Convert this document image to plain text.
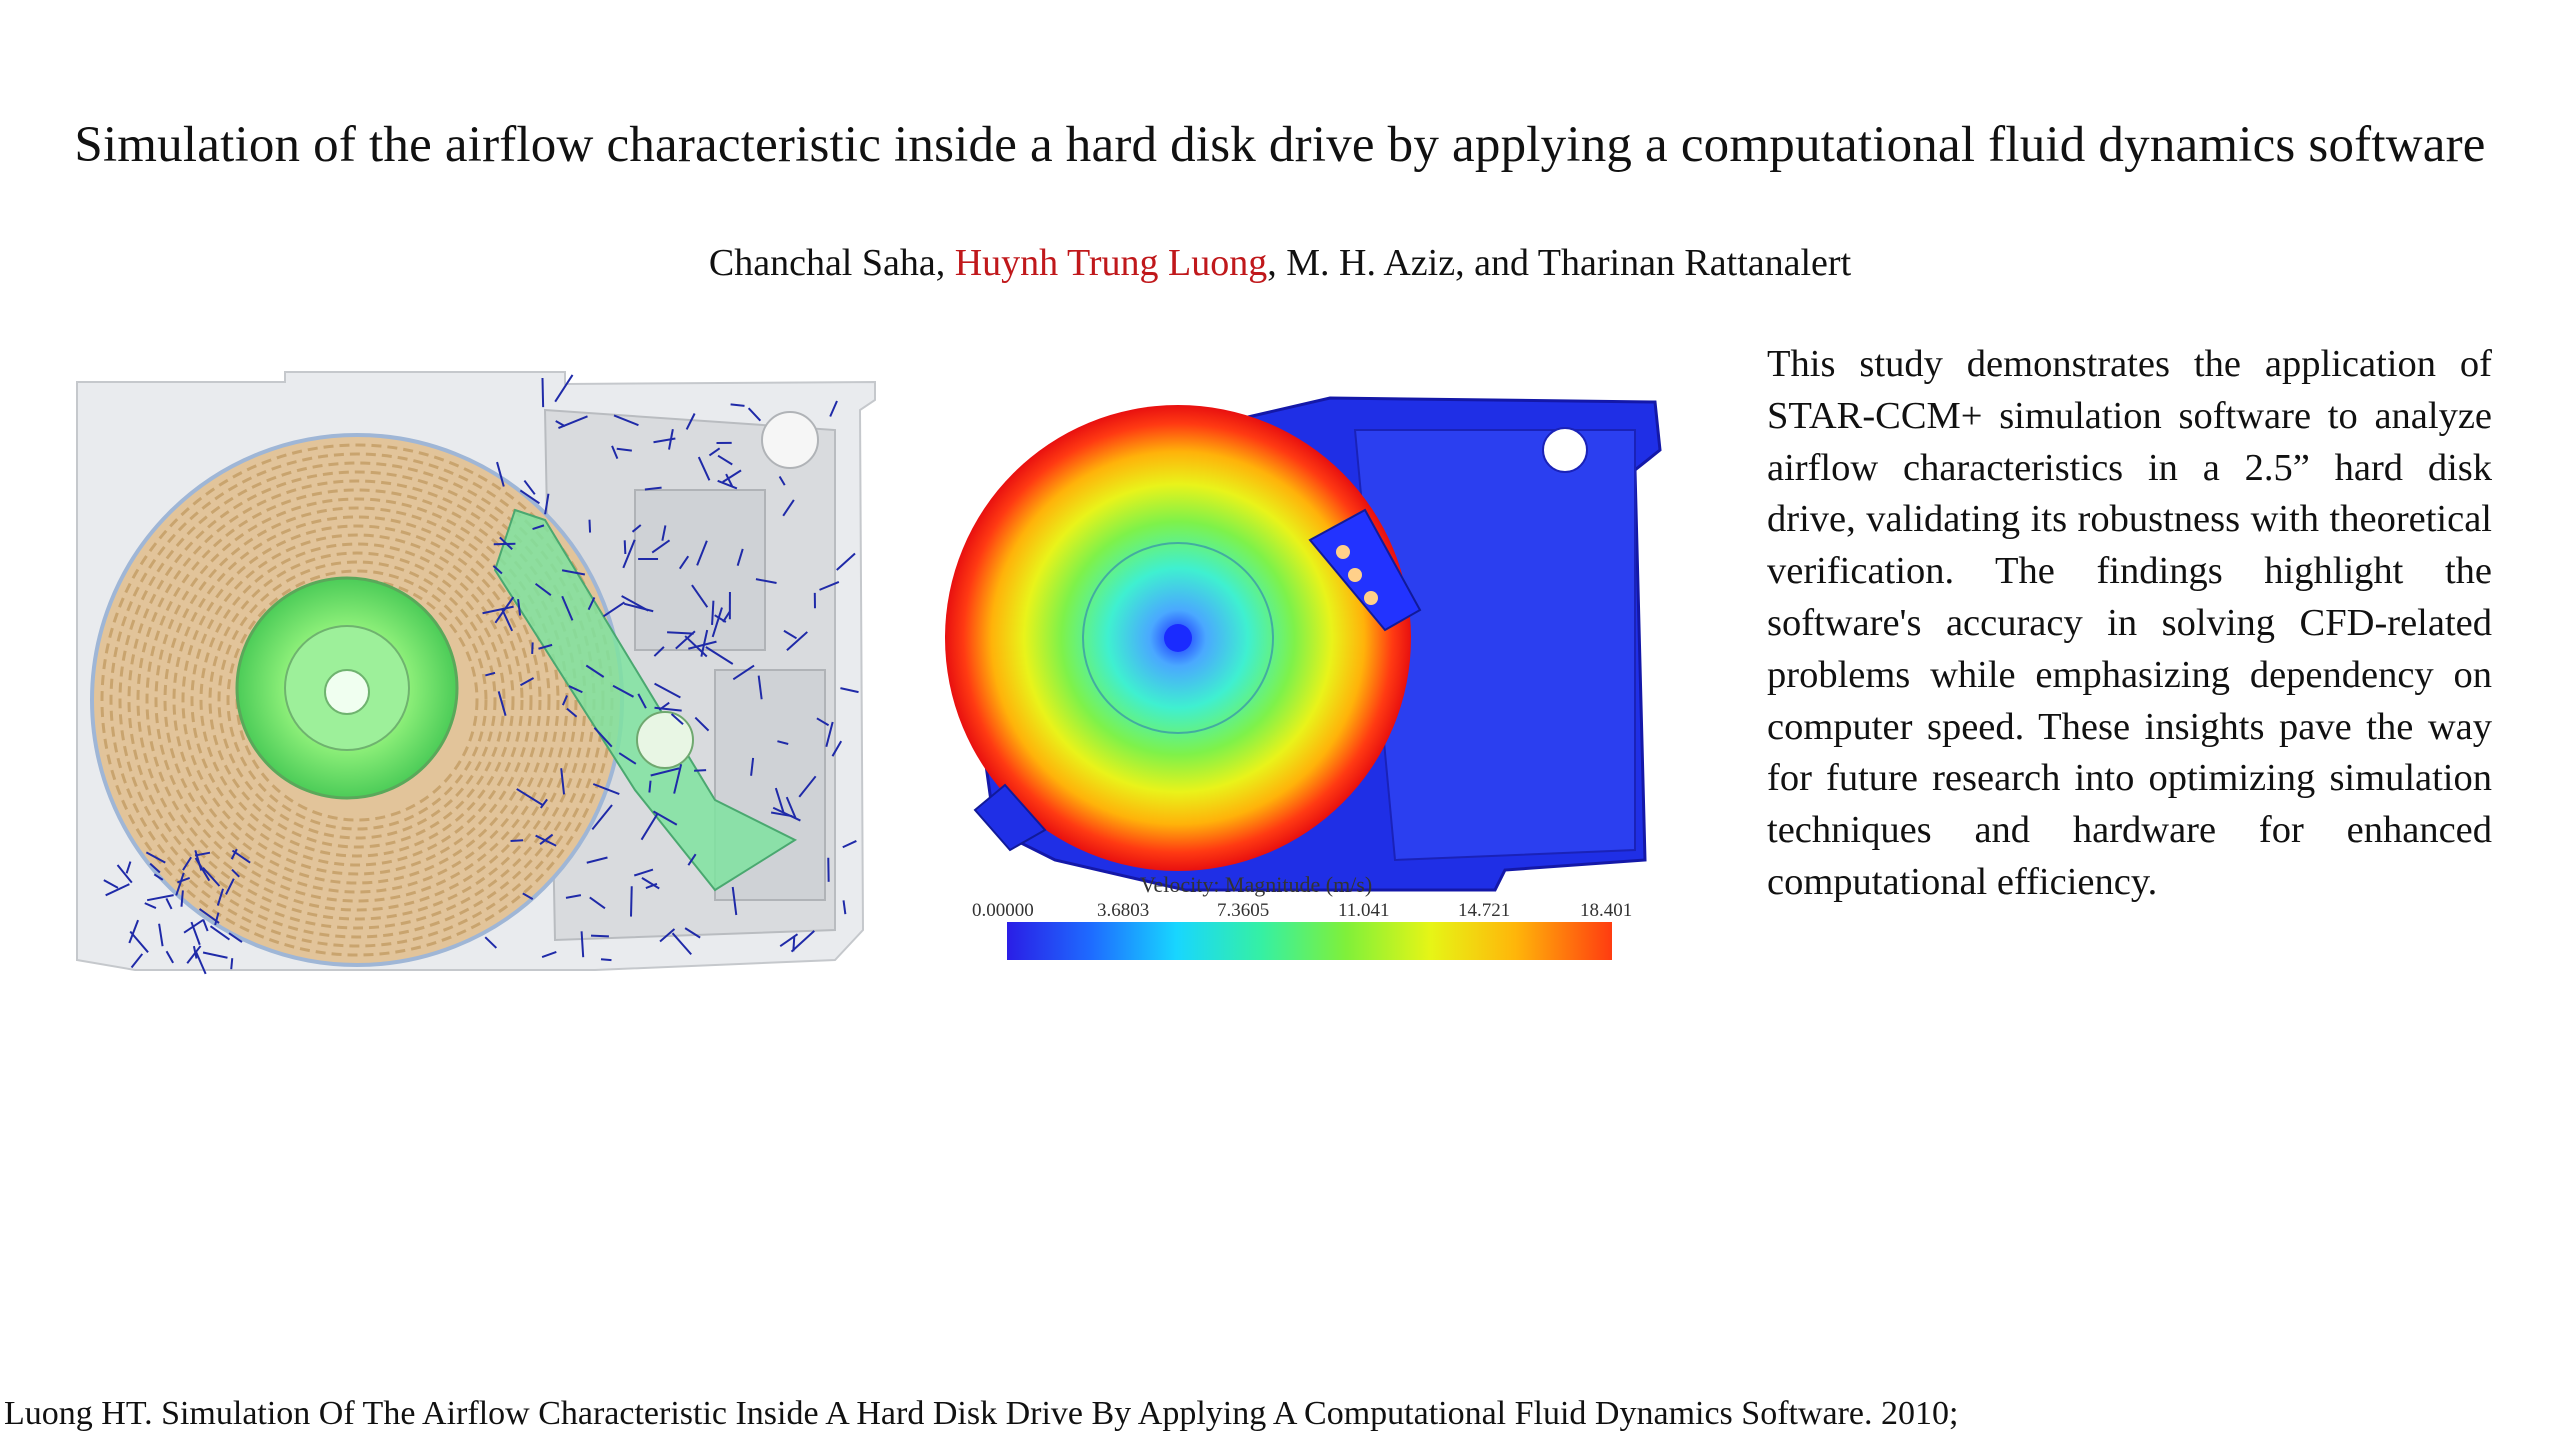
Simulation of the airflow characteristic inside a hard disk drive by applying a computational fluid dynamics software
Chanchal Saha, Huynh Trung Luong, M. H. Aziz, and Tharinan Rattanalert
Velocity: Magnitude (m/s)
0.00000	3.6803	7.3605	11.041	14.721	18.401

This study demonstrates the application of STAR-CCM+ simulation software to analyze airflow characteristics in a 2.5” hard disk drive, validating its robustness with theoretical verification. The findings highlight the software's accuracy in solving CFD-related problems while emphasizing dependency on computer speed. These insights pave the way for future research into optimizing simulation techniques and hardware for enhanced computational efficiency.

Luong HT. Simulation Of The Airflow Characteristic Inside A Hard Disk Drive By Applying A Computational Fluid Dynamics Software. 2010;
